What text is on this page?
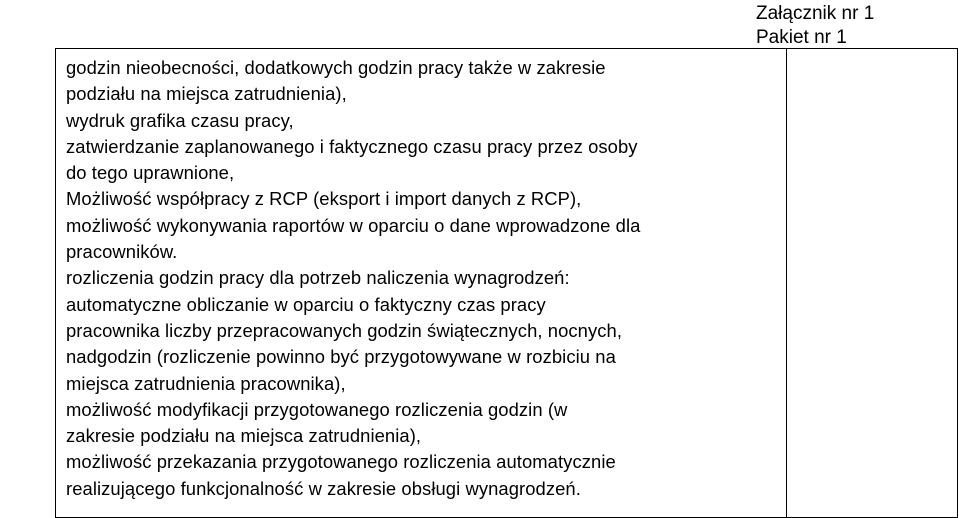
Załącznik nr 1
Pakiet nr 1
godzin nieobecności, dodatkowych godzin pracy także w zakresie
podziału na miejsca zatrudnienia),
wydruk grafika czasu pracy,
zatwierdzanie zaplanowanego i faktycznego czasu pracy przez osoby
do tego uprawnione,
Możliwość współpracy z RCP (eksport i import danych z RCP),
możliwość wykonywania raportów w oparciu o dane wprowadzone dla
pracowników.
rozliczenia godzin pracy dla potrzeb naliczenia wynagrodzeń:
automatyczne obliczanie w oparciu o faktyczny czas pracy
pracownika liczby przepracowanych godzin świątecznych, nocnych,
nadgodzin (rozliczenie powinno być przygotowywane w rozbiciu na
miejsca zatrudnienia pracownika),
możliwość modyfikacji przygotowanego rozliczenia godzin (w
zakresie podziału na miejsca zatrudnienia),
możliwość przekazania przygotowanego rozliczenia automatycznie
realizującego funkcjonalność w zakresie obsługi wynagrodzeń.
